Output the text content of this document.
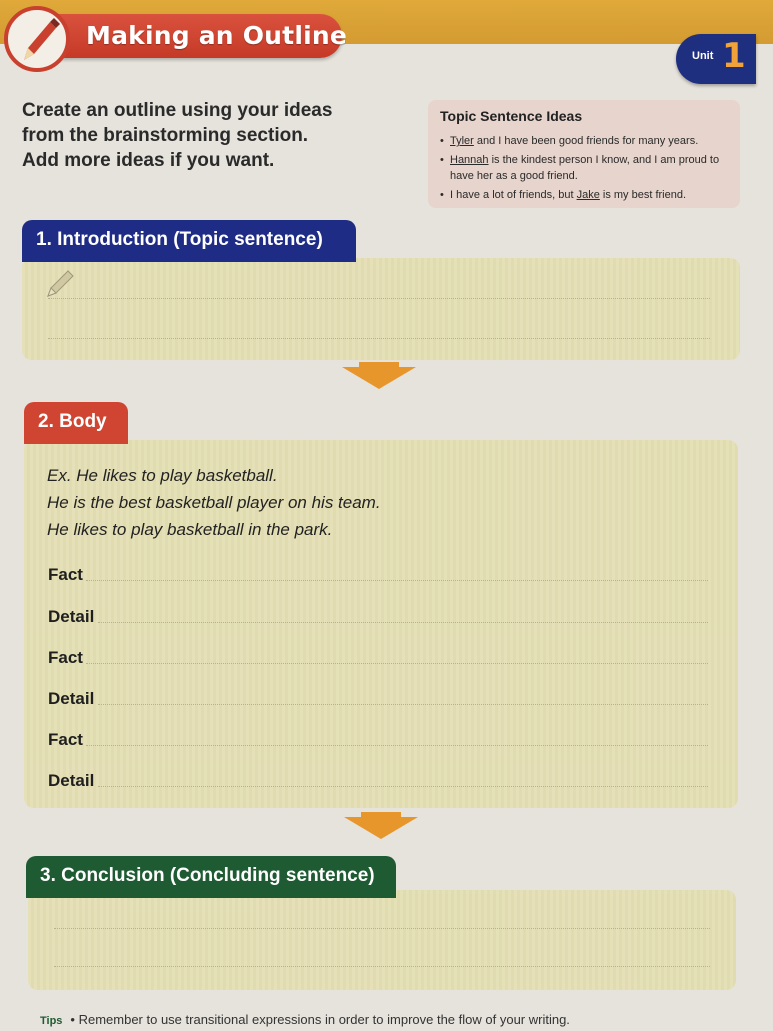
Making an Outline
Unit 1
Create an outline using your ideas
from the brainstorming section.
Add more ideas if you want.
Topic Sentence Ideas
• Tyler and I have been good friends for many years.
• Hannah is the kindest person I know, and I am proud to have her as a good friend.
• I have a lot of friends, but Jake is my best friend.
1. Introduction (Topic sentence)
2. Body
Ex. He likes to play basketball.
He is the best basketball player on his team.
He likes to play basketball in the park.
Fact
Detail
Fact
Detail
Fact
Detail
3. Conclusion (Concluding sentence)
Tips • Remember to use transitional expressions in order to improve the flow of your writing.
